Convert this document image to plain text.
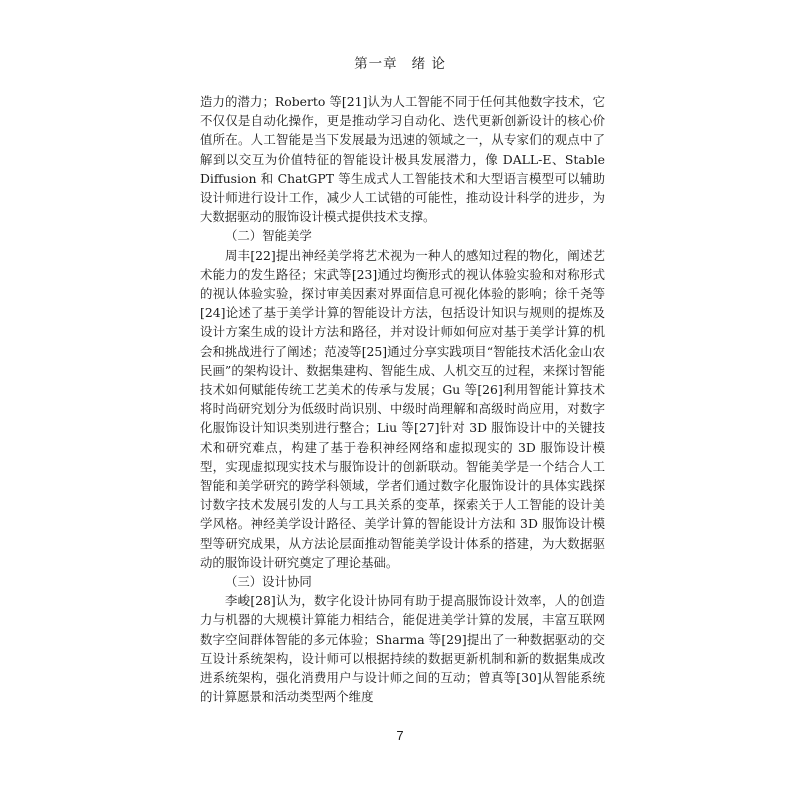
第一章 绪 论

造力的潜力；Roberto 等[21]认为人工智能不同于任何其他数字技术，它不仅仅是自动化操作，更是推动学习自动化、迭代更新创新设计的核心价值所在。人工智能是当下发展最为迅速的领域之一，从专家们的观点中了解到以交互为价值特征的智能设计极具发展潜力，像 DALL-E、Stable Diffusion 和 ChatGPT 等生成式人工智能技术和大型语言模型可以辅助设计师进行设计工作，减少人工试错的可能性，推动设计科学的进步，为大数据驱动的服饰设计模式提供技术支撑。

（二）智能美学

周丰[22]提出神经美学将艺术视为一种人的感知过程的物化，阐述艺术能力的发生路径；宋武等[23]通过均衡形式的视认体验实验和对称形式的视认体验实验，探讨审美因素对界面信息可视化体验的影响；徐千尧等[24]论述了基于美学计算的智能设计方法，包括设计知识与规则的提炼及设计方案生成的设计方法和路径，并对设计师如何应对基于美学计算的机会和挑战进行了阐述；范凌等[25]通过分享实践项目“智能技术活化金山农民画”的架构设计、数据集建构、智能生成、人机交互的过程，来探讨智能技术如何赋能传统工艺美术的传承与发展；Gu 等[26]利用智能计算技术将时尚研究划分为低级时尚识别、中级时尚理解和高级时尚应用，对数字化服饰设计知识类别进行整合；Liu 等[27]针对 3D 服饰设计中的关键技术和研究难点，构建了基于卷积神经网络和虚拟现实的 3D 服饰设计模型，实现虚拟现实技术与服饰设计的创新联动。智能美学是一个结合人工智能和美学研究的跨学科领域，学者们通过数字化服饰设计的具体实践探讨数字技术发展引发的人与工具关系的变革，探索关于人工智能的设计美学风格。神经美学设计路径、美学计算的智能设计方法和 3D 服饰设计模型等研究成果，从方法论层面推动智能美学设计体系的搭建，为大数据驱动的服饰设计研究奠定了理论基础。

（三）设计协同

李峻[28]认为，数字化设计协同有助于提高服饰设计效率，人的创造力与机器的大规模计算能力相结合，能促进美学计算的发展，丰富互联网数字空间群体智能的多元体验；Sharma 等[29]提出了一种数据驱动的交互设计系统架构，设计师可以根据持续的数据更新机制和新的数据集成改进系统架构，强化消费用户与设计师之间的互动；曾真等[30]从智能系统的计算愿景和活动类型两个维度

7
